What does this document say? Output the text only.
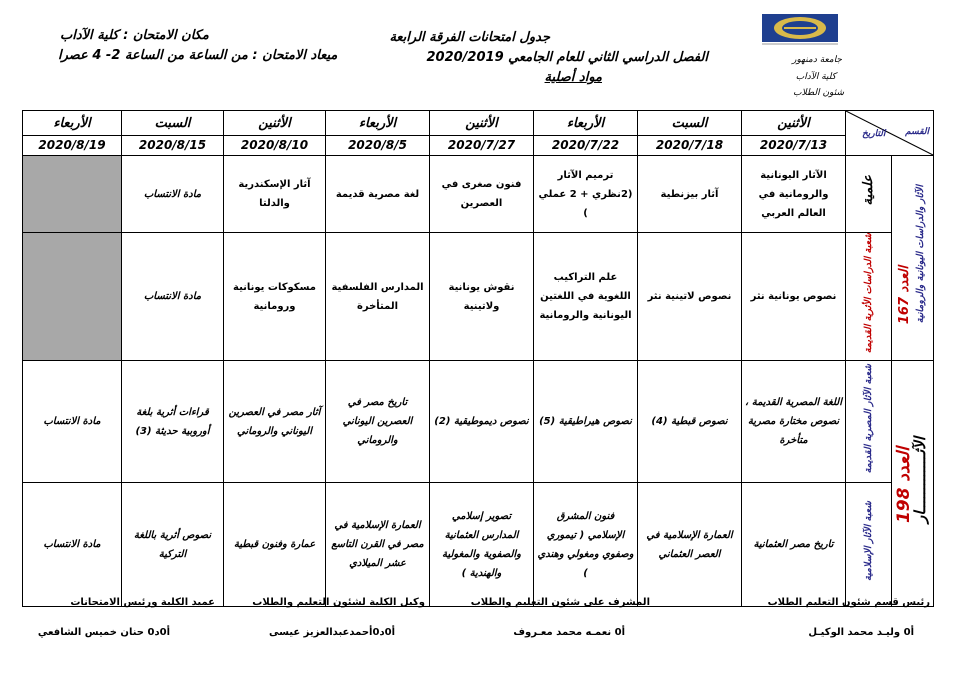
جامعة دمنهور
كلية الآداب
شئون الطلاب
جدول امتحانات الفرقة الرابعة
الفصل الدراسي الثاني للعام الجامعي 2020/2019
مواد أصلية
مكان الامتحان : كلية الآداب
ميعاد الامتحان : من الساعة من الساعة 2- 4 عصرا
القسم
التاريخ		الأثنين	السبت	الأربعاء	الأثنين	الأربعاء	الأثنين	السبت	الأربعاء
		2020/7/13	2020/7/18	2020/7/22	2020/7/27	2020/8/5	2020/8/10	2020/8/15	2020/8/19
الآثار والدراسات اليونانية والرومانية العدد 167	علمية	الآثار اليونانية والرومانية في العالم العربي	آثار بيزنطية	ترميم الآثار (2نظري + 2 عملي )	فنون صغرى في العصرين	لغة مصرية قديمة	آثار الإسكندرية والدلتا	مادة الانتساب	
	شعبة الدراسات الأثرية القديمة	نصوص يونانية نثر	نصوص لاتينية نثر	علم التراكيب اللغوية في اللغتين اليونانية والرومانية	نقوش يونانية ولاتينية	المدارس الفلسفية المتأخرة	مسكوكات يونانية ورومانية	مادة الانتساب	
الآثـــــــــــــار العدد 198	شعبة الآثار المصرية القديمة	اللغة المصرية القديمة ، نصوص مختارة مصرية متأخرة	نصوص قبطية (4)	نصوص هيراطيقية (5)	نصوص ديموطيقية (2)	تاريخ مصر في العصرين اليوناني والروماني	آثار مصر في العصرين اليوناني والروماني	قراءات أثرية بلغة أوروبية حديثة (3)	مادة الانتساب
	شعبة الآثار الإسلامية	تاريخ مصر العثمانية	العمارة الإسلامية في العصر العثماني	فنون المشرق الإسلامي ( تيموري وصفوي ومغولي وهندي )	تصوير إسلامي المدارس العثمانية والصفوية والمغولية والهندية )	العمارة الإسلامية في مصر في القرن التاسع عشر الميلادي	عمارة وفنون قبطية	نصوص أثرية باللغة التركية	مادة الانتساب
رئيس قسم شئون التعليم الطلاب
المشرف على شئون التعليم والطلاب
وكيل الكلية لشئون التعليم والطلاب
عميد الكلية ورئيس الامتحانات
أ0 وليـد محمد الوكيـل
أ0 نعمـه محمد معـروف
أ0د0أحمدعبدالعزيز عيسى
أ0د0 حنان خميس الشافعي
